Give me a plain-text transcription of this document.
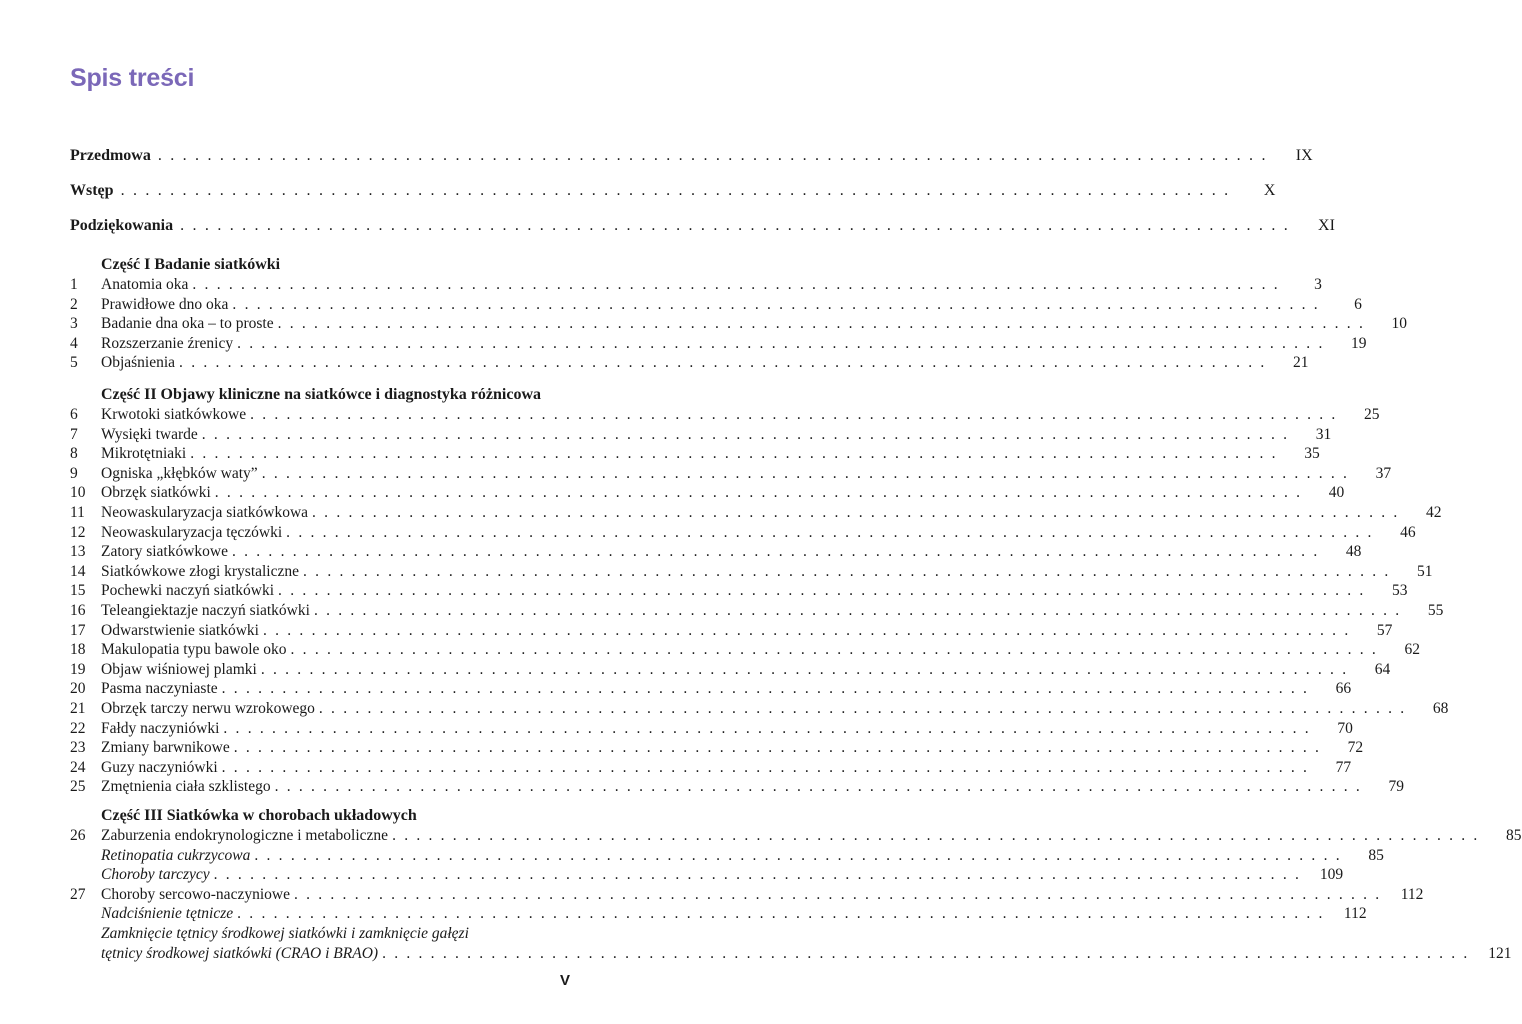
Spis treści
Przedmowa . . .	IX
Wstęp . . .	X
Podziękowania . . .	XI
Część I Badanie siatkówki
1	Anatomia oka . . .	3
2	Prawidłowe dno oka . . .	6
3	Badanie dna oka – to proste . . .	10
4	Rozszerzanie źrenicy . . .	19
5	Objaśnienia . . .	21
Część II Objawy kliniczne na siatkówce i diagnostyka różnicowa
6	Krwotoki siatkówkowe . . .	25
7	Wysięki twarde . . .	31
8	Mikrotętniaki . . .	35
9	Ogniska „kłębków waty” . . .	37
10	Obrzęk siatkówki . . .	40
11	Neowaskularyzacja siatkówkowa . . .	42
12	Neowaskularyzacja tęczówki . . .	46
13	Zatory siatkówkowe . . .	48
14	Siatkówkowe złogi krystaliczne . . .	51
15	Pochewki naczyń siatkówki . . .	53
16	Teleangiektazje naczyń siatkówki . . .	55
17	Odwarstwienie siatkówki . . .	57
18	Makulopatia typu bawole oko . . .	62
19	Objaw wiśniowej plamki . . .	64
20	Pasma naczyniaste . . .	66
21	Obrzęk tarczy nerwu wzrokowego . . .	68
22	Fałdy naczyniówki . . .	70
23	Zmiany barwnikowe . . .	72
24	Guzy naczyniówki . . .	77
25	Zmętnienia ciała szklistego . . .	79
Część III Siatkówka w chorobach układowych
26	Zaburzenia endokrynologiczne i metaboliczne . . .	85
Retinopatia cukrzycowa . . .	85
Choroby tarczycy . . .	109
27	Choroby sercowo-naczyniowe . . .	112
Nadciśnienie tętnicze . . .	112
Zamknięcie tętnicy środkowej siatkówki i zamknięcie gałęzi
tętnicy środkowej siatkówki (CRAO i BRAO) . . .	121
V
